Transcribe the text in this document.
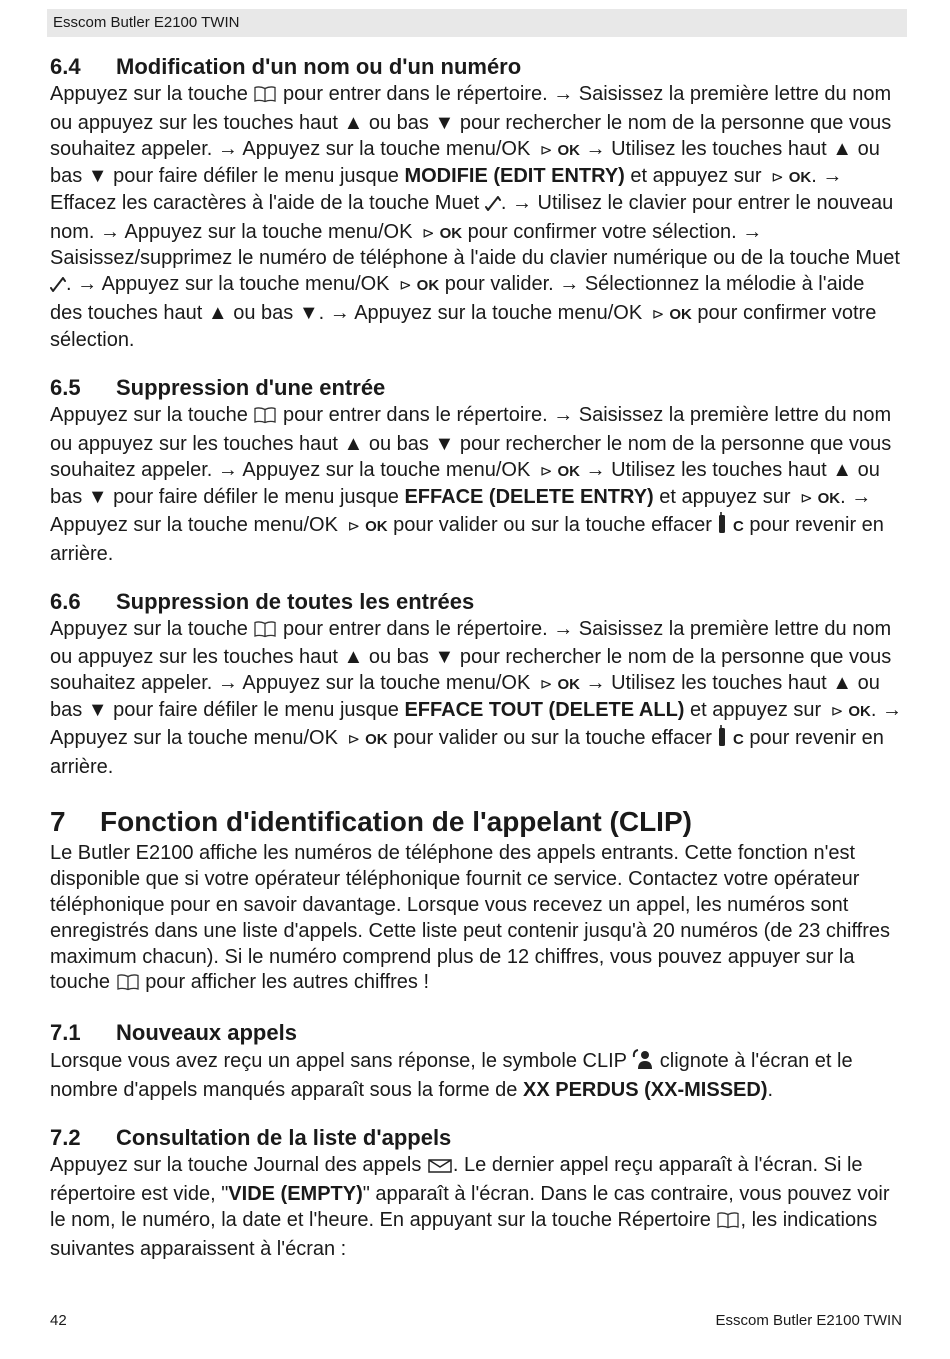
Esscom Butler E2100 TWIN
6.4 Modification d'un nom ou d'un numéro

Appuyez sur la touche pour entrer dans le répertoire. → Saisissez la première lettre du nom ou appuyez sur les touches haut ▲ ou bas ▼ pour rechercher le nom de la personne que vous souhaitez appeler. → Appuyez sur la touche menu/OK ⊳ OK → Utilisez les touches haut ▲ ou bas ▼ pour faire défiler le menu jusque MODIFIE (EDIT ENTRY) et appuyez sur ⊳ OK. → Effacez les caractères à l'aide de la touche Muet . → Utilisez le clavier pour entrer le nouveau nom. → Appuyez sur la touche menu/OK ⊳ OK pour confirmer votre sélection. → Saisissez/supprimez le numéro de téléphone à l'aide du clavier numérique ou de la touche Muet . → Appuyez sur la touche menu/OK ⊳ OK pour valider. → Sélectionnez la mélodie à l'aide des touches haut ▲ ou bas ▼. → Appuyez sur la touche menu/OK ⊳ OK pour confirmer votre sélection.

6.5 Suppression d'une entrée

Appuyez sur la touche pour entrer dans le répertoire. → Saisissez la première lettre du nom ou appuyez sur les touches haut ▲ ou bas ▼ pour rechercher le nom de la personne que vous souhaitez appeler. → Appuyez sur la touche menu/OK ⊳ OK → Utilisez les touches haut ▲ ou bas ▼ pour faire défiler le menu jusque EFFACE (DELETE ENTRY) et appuyez sur ⊳ OK. → Appuyez sur la touche menu/OK ⊳ OK pour valider ou sur la touche effacer C pour revenir en arrière.

6.6 Suppression de toutes les entrées

Appuyez sur la touche pour entrer dans le répertoire. → Saisissez la première lettre du nom ou appuyez sur les touches haut ▲ ou bas ▼ pour rechercher le nom de la personne que vous souhaitez appeler. → Appuyez sur la touche menu/OK ⊳ OK → Utilisez les touches haut ▲ ou bas ▼ pour faire défiler le menu jusque EFFACE TOUT (DELETE ALL) et appuyez sur ⊳ OK. → Appuyez sur la touche menu/OK ⊳ OK pour valider ou sur la touche effacer C pour revenir en arrière.

7 Fonction d'identification de l'appelant (CLIP)

Le Butler E2100 affiche les numéros de téléphone des appels entrants. Cette fonction n'est disponible que si votre opérateur téléphonique fournit ce service. Contactez votre opérateur téléphonique pour en savoir davantage. Lorsque vous recevez un appel, les numéros sont enregistrés dans une liste d'appels. Cette liste peut contenir jusqu'à 20 numéros (de 23 chiffres maximum chacun). Si le numéro comprend plus de 12 chiffres, vous pouvez appuyer sur la touche pour afficher les autres chiffres !

7.1 Nouveaux appels

Lorsque vous avez reçu un appel sans réponse, le symbole CLIP clignote à l'écran et le nombre d'appels manqués apparaît sous la forme de XX PERDUS (XX-MISSED).

7.2 Consultation de la liste d'appels

Appuyez sur la touche Journal des appels . Le dernier appel reçu apparaît à l'écran. Si le répertoire est vide, "VIDE (EMPTY)" apparaît à l'écran. Dans le cas contraire, vous pouvez voir le nom, le numéro, la date et l'heure. En appuyant sur la touche Répertoire , les indications suivantes apparaissent à l'écran :

42	Esscom Butler E2100 TWIN
